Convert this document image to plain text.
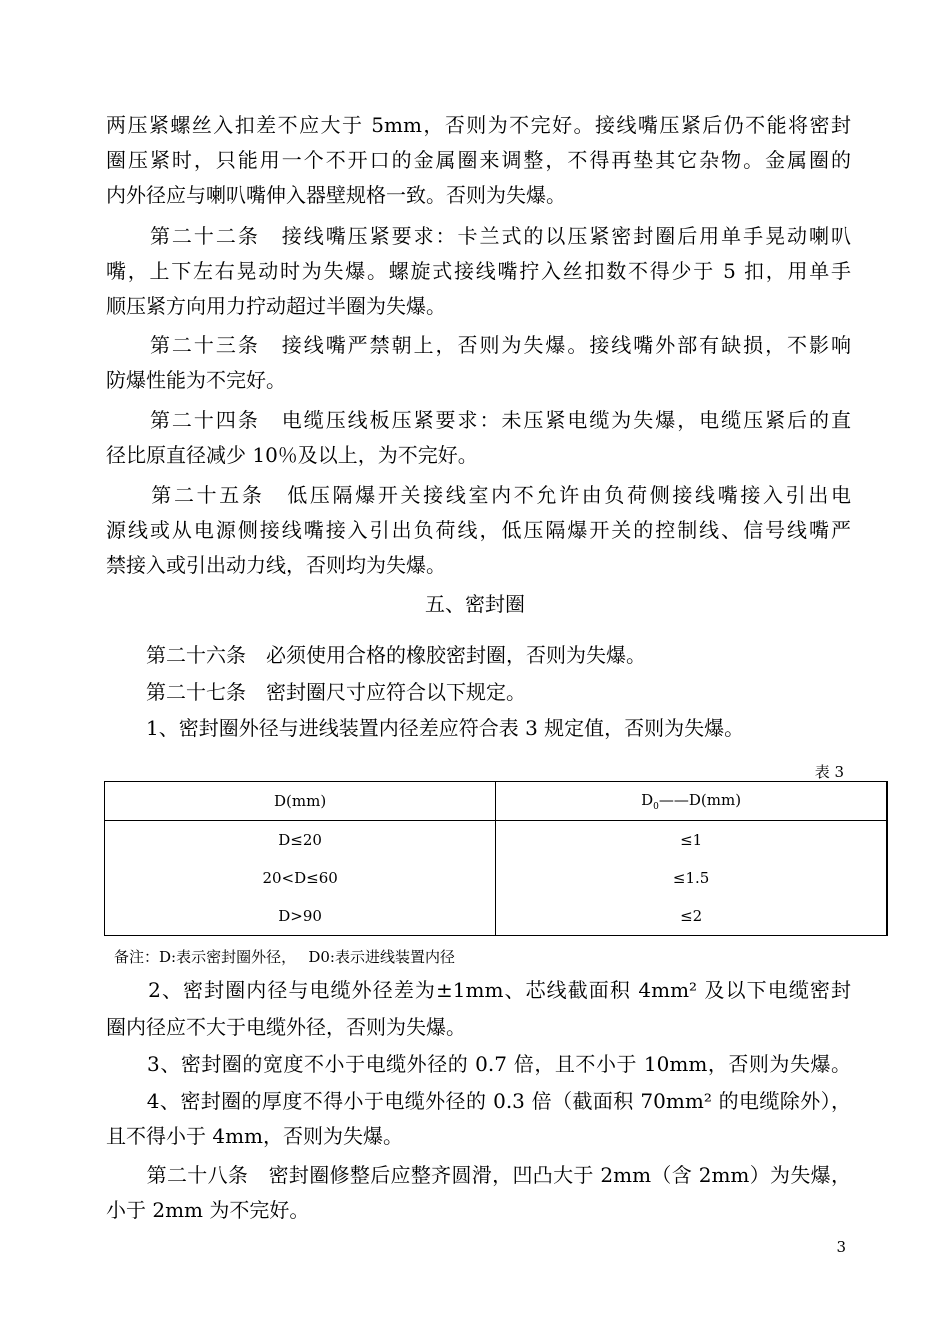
两压紧螺丝入扣差不应大于 5mm，否则为不完好。接线嘴压紧后仍不能将密封
圈压紧时，只能用一个不开口的金属圈来调整，不得再垫其它杂物。金属圈的
内外径应与喇叭嘴伸入器壁规格一致。否则为失爆。
　　第二十二条　接线嘴压紧要求：卡兰式的以压紧密封圈后用单手晃动喇叭
嘴，上下左右晃动时为失爆。螺旋式接线嘴拧入丝扣数不得少于 5 扣，用单手
顺压紧方向用力拧动超过半圈为失爆。
　　第二十三条　接线嘴严禁朝上，否则为失爆。接线嘴外部有缺损，不影响
防爆性能为不完好。
　　第二十四条　电缆压线板压紧要求：未压紧电缆为失爆，电缆压紧后的直
径比原直径减少 10％及以上，为不完好。
　　第二十五条　低压隔爆开关接线室内不允许由负荷侧接线嘴接入引出电
源线或从电源侧接线嘴接入引出负荷线，低压隔爆开关的控制线、信号线嘴严
禁接入或引出动力线，否则均为失爆。
五、密封圈
　　第二十六条　必须使用合格的橡胶密封圈，否则为失爆。
　　第二十七条　密封圈尺寸应符合以下规定。
　　1、密封圈外径与进线装置内径差应符合表 3 规定值，否则为失爆。
表 3
D(mm)	$D_0——D(mm)$
D≤20	≤1
20<D≤60	≤1.5
D>90	≤2
备注：D:表示密封圈外径，　 D0:表示进线装置内径
　　2、密封圈内径与电缆外径差为±1mm、芯线截面积 4mm² 及以下电缆密封
圈内径应不大于电缆外径，否则为失爆。
　　3、密封圈的宽度不小于电缆外径的 0.7 倍，且不小于 10mm，否则为失爆。
　　4、密封圈的厚度不得小于电缆外径的 0.3 倍（截面积 70mm² 的电缆除外），
且不得小于 4mm，否则为失爆。
　　第二十八条　密封圈修整后应整齐圆滑，凹凸大于 2mm（含 2mm）为失爆，
小于 2mm 为不完好。
3
